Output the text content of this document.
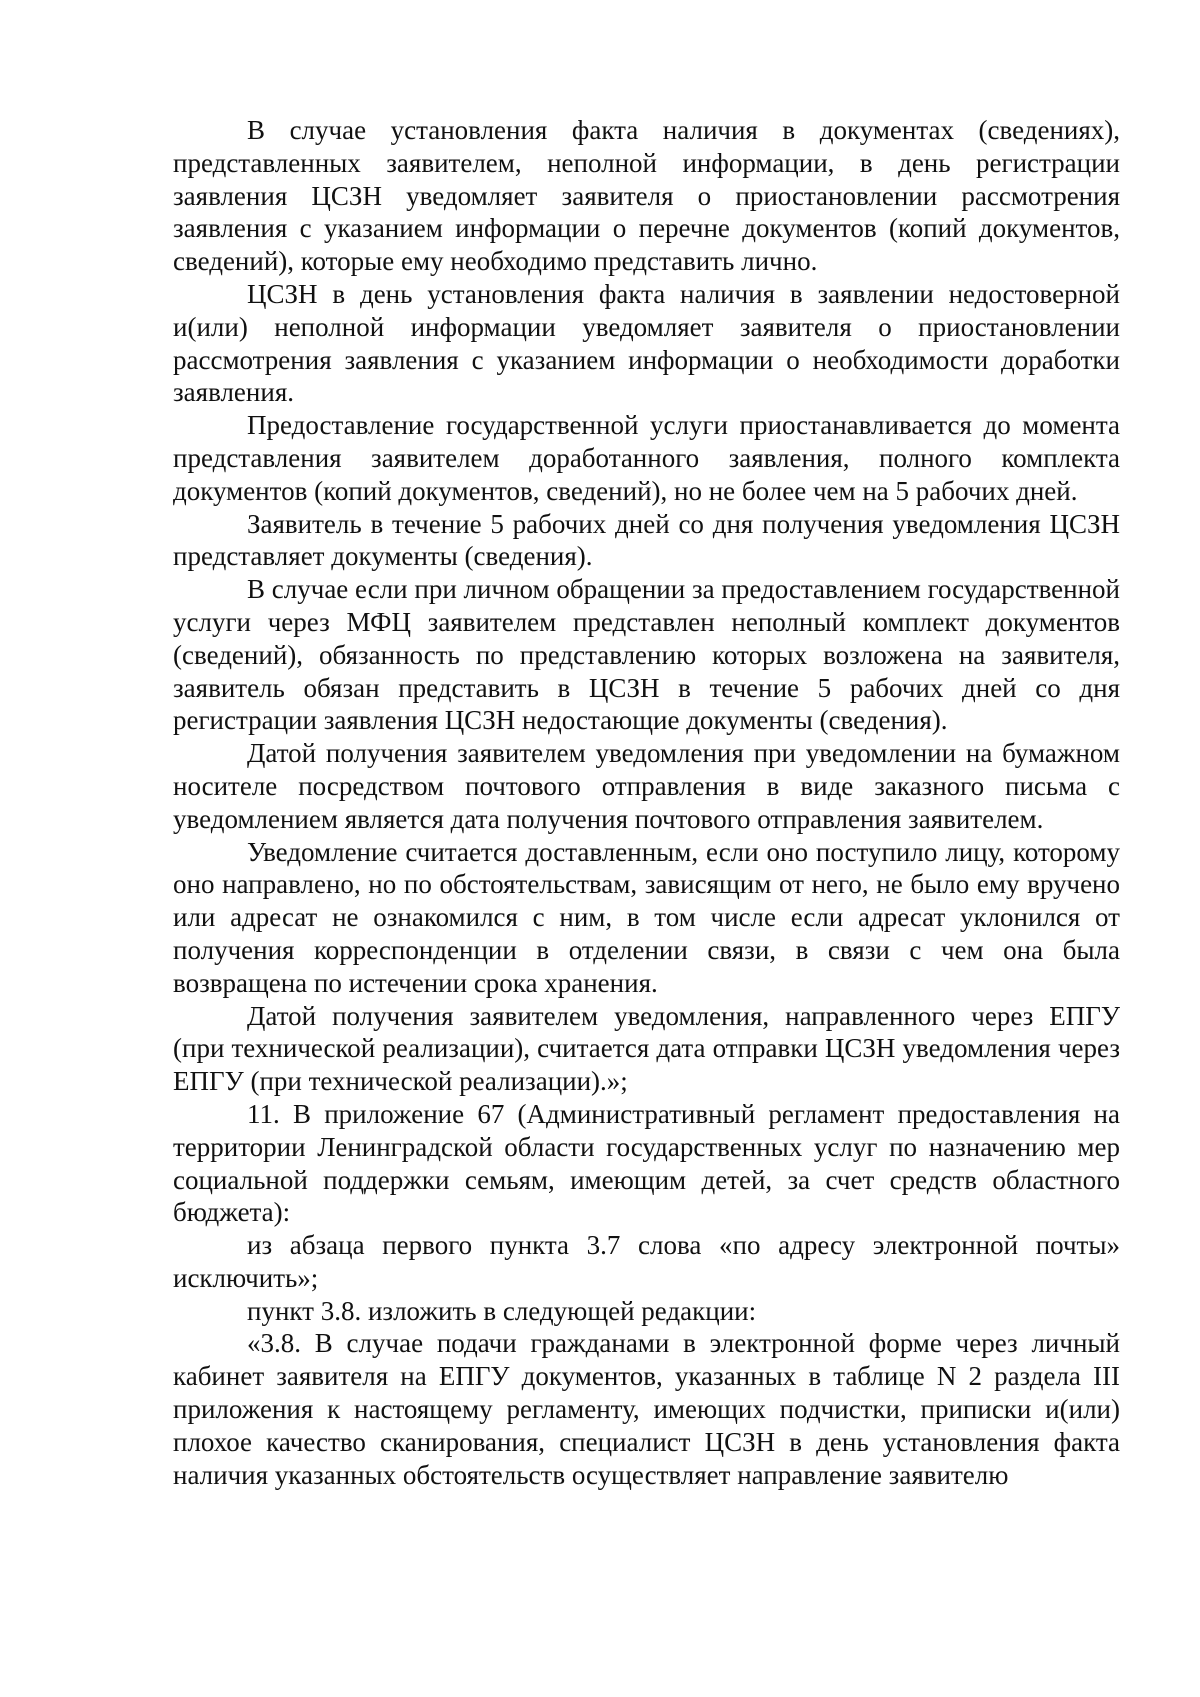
В случае установления факта наличия в документах (сведениях), представленных заявителем, неполной информации, в день регистрации заявления ЦСЗН уведомляет заявителя о приостановлении рассмотрения заявления с указанием информации о перечне документов (копий документов, сведений), которые ему необходимо представить лично.

ЦСЗН в день установления факта наличия в заявлении недостоверной и(или) неполной информации уведомляет заявителя о приостановлении рассмотрения заявления с указанием информации о необходимости доработки заявления.

Предоставление государственной услуги приостанавливается до момента представления заявителем доработанного заявления, полного комплекта документов (копий документов, сведений), но не более чем на 5 рабочих дней.

Заявитель в течение 5 рабочих дней со дня получения уведомления ЦСЗН представляет документы (сведения).

В случае если при личном обращении за предоставлением государственной услуги через МФЦ заявителем представлен неполный комплект документов (сведений), обязанность по представлению которых возложена на заявителя, заявитель обязан представить в ЦСЗН в течение 5 рабочих дней со дня регистрации заявления ЦСЗН недостающие документы (сведения).

Датой получения заявителем уведомления при уведомлении на бумажном носителе посредством почтового отправления в виде заказного письма с уведомлением является дата получения почтового отправления заявителем.

Уведомление считается доставленным, если оно поступило лицу, которому оно направлено, но по обстоятельствам, зависящим от него, не было ему вручено или адресат не ознакомился с ним, в том числе если адресат уклонился от получения корреспонденции в отделении связи, в связи с чем она была возвращена по истечении срока хранения.

Датой получения заявителем уведомления, направленного через ЕПГУ (при технической реализации), считается дата отправки ЦСЗН уведомления через ЕПГУ (при технической реализации).»;

11. В приложение 67 (Административный регламент предоставления на территории Ленинградской области государственных услуг по назначению мер социальной поддержки семьям, имеющим детей, за счет средств областного бюджета):

из абзаца первого пункта 3.7 слова «по адресу электронной почты» исключить»;

пункт 3.8. изложить в следующей редакции:

«3.8. В случае подачи гражданами в электронной форме через личный кабинет заявителя на ЕПГУ документов, указанных в таблице N 2 раздела III приложения к настоящему регламенту, имеющих подчистки, приписки и(или) плохое качество сканирования, специалист ЦСЗН в день установления факта наличия указанных обстоятельств осуществляет направление заявителю
